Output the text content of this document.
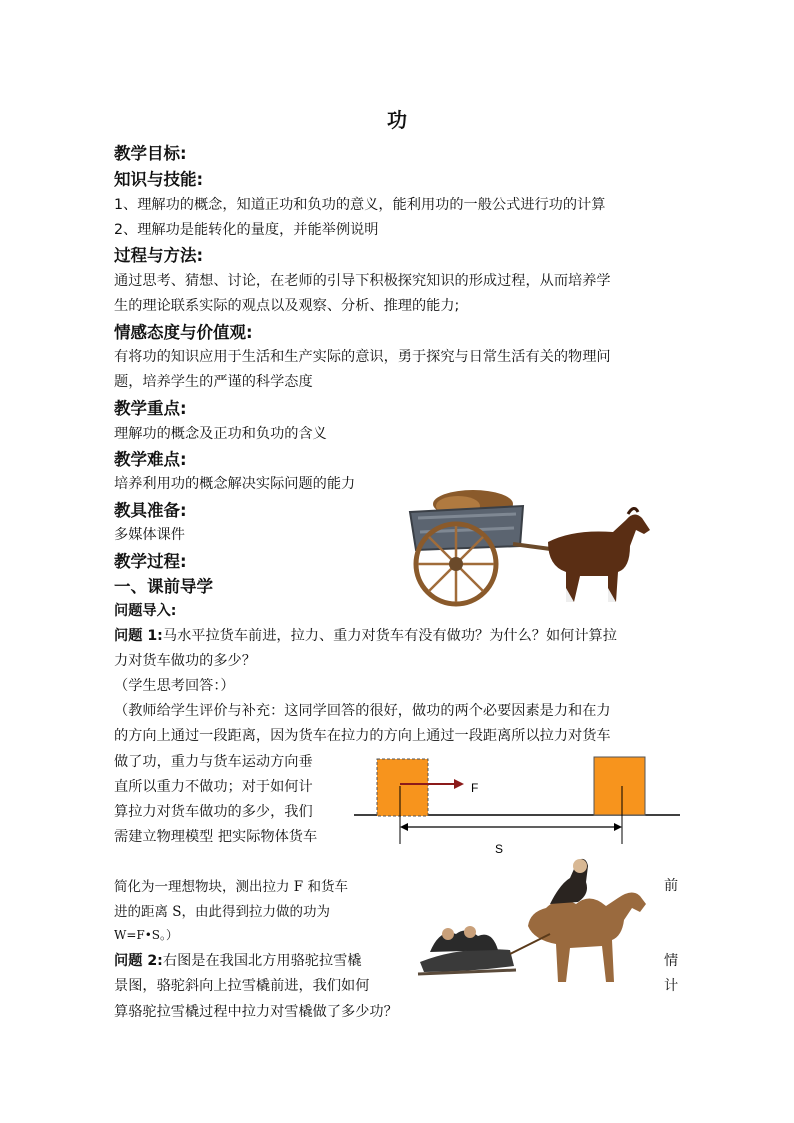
功
教学目标:
知识与技能:
1、理解功的概念，知道正功和负功的意义，能利用功的一般公式进行功的计算
2、理解功是能转化的量度，并能举例说明
过程与方法:
通过思考、猜想、讨论，在老师的引导下积极探究知识的形成过程，从而培养学
生的理论联系实际的观点以及观察、分析、推理的能力;
情感态度与价值观:
有将功的知识应用于生活和生产实际的意识，勇于探究与日常生活有关的物理问
题，培养学生的严谨的科学态度
教学重点:
理解功的概念及正功和负功的含义
教学难点:
培养利用功的概念解决实际问题的能力
教具准备:
多媒体课件
教学过程:
一、课前导学
问题导入:
问题 1:马水平拉货车前进，拉力、重力对货车有没有做功？为什么？如何计算拉
力对货车做功的多少？
（学生思考回答：）
（教师给学生评价与补充：这同学回答的很好，做功的两个必要因素是力和在力
的方向上通过一段距离，因为货车在拉力的方向上通过一段距离所以拉力对货车
做了功，重力与货车运动方向垂
直所以重力不做功；对于如何计
算拉力对货车做功的多少，我们
需建立物理模型 把实际物体货车
简化为一理想物块，测出拉力 F 和货车	前
进的距离 S，由此得到拉力做的功为
W=F•S。）
问题 2:右图是在我国北方用骆驼拉雪橇	情
景图，骆驼斜向上拉雪橇前进，我们如何	计
算骆驼拉雪橇过程中拉力对雪橇做了多少功？
F
S
